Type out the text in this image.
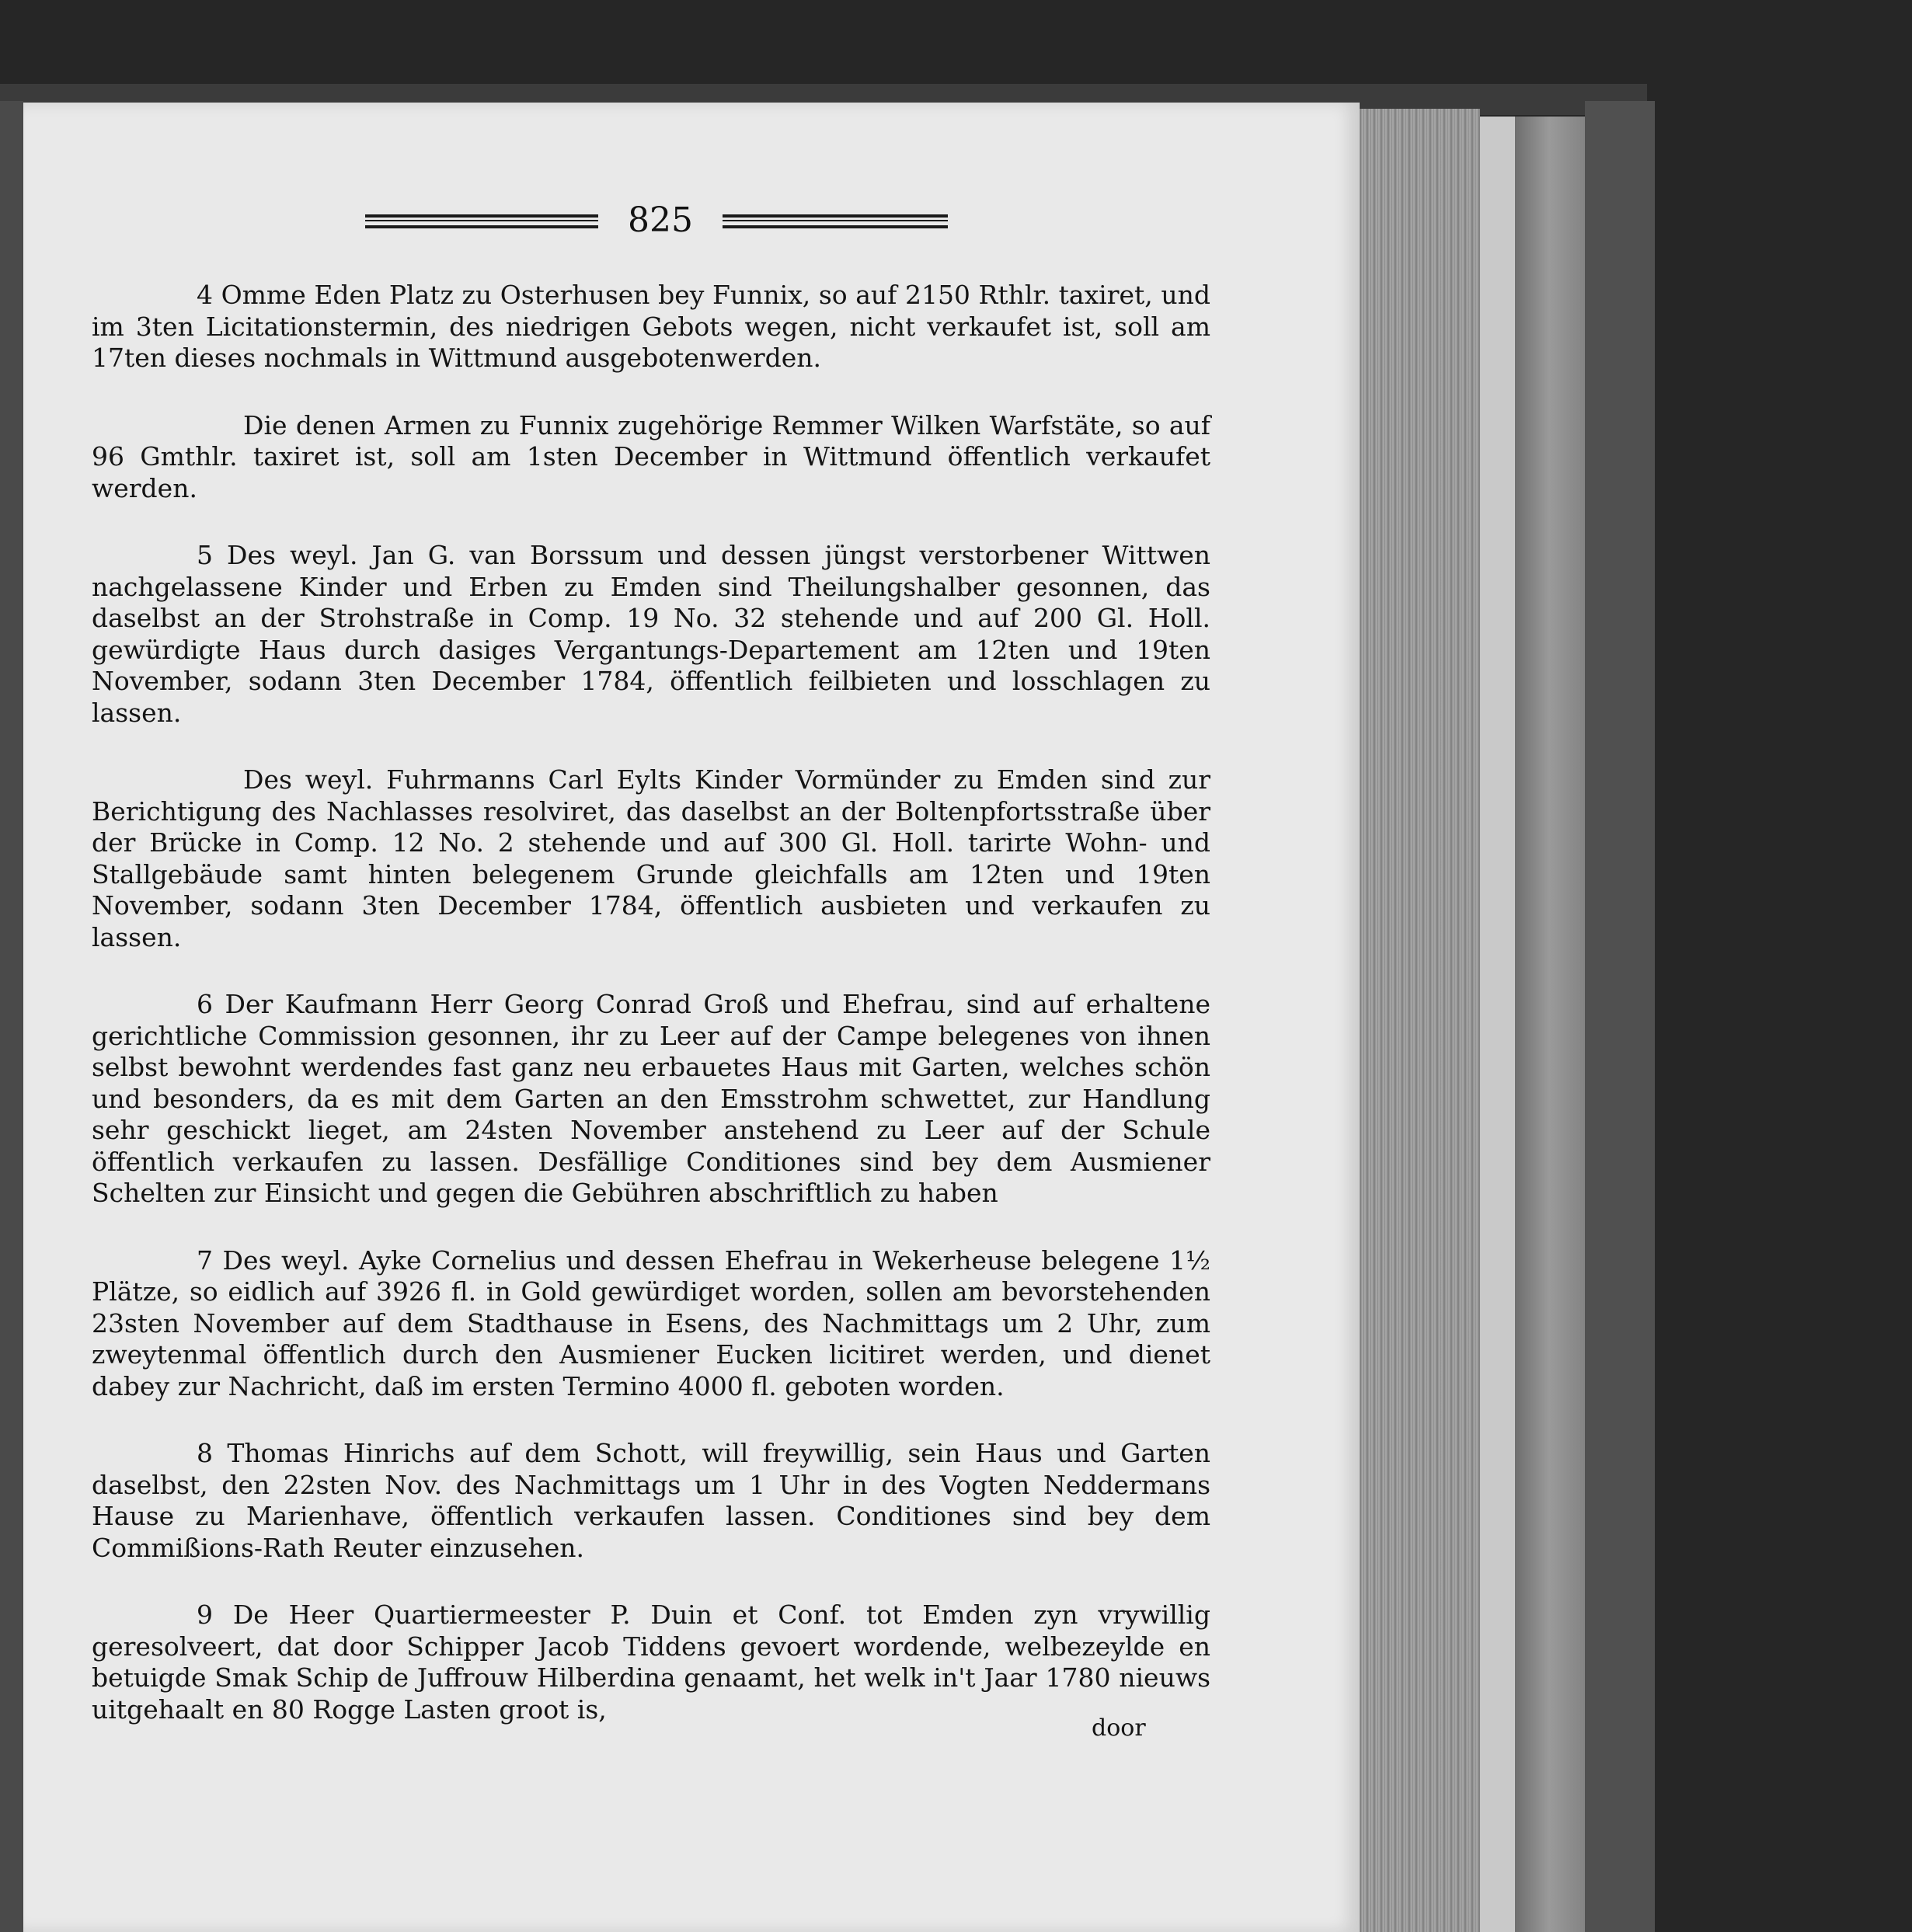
825

4 Omme Eden Platz zu Osterhusen bey Funnix, so auf 2150 Rthlr. taxiret, und im 3ten Licitationstermin, des niedrigen Gebots wegen, nicht verkaufet ist, soll am 17ten dieses nochmals in Wittmund ausgebotenwerden.

Die denen Armen zu Funnix zugehörige Remmer Wilken Warfstäte, so auf 96 Gmthlr. taxiret ist, soll am 1sten December in Wittmund öffentlich verkaufet werden.

5 Des weyl. Jan G. van Borssum und dessen jüngst verstorbener Wittwen nachgelassene Kinder und Erben zu Emden sind Theilungshalber gesonnen, das daselbst an der Strohstraße in Comp. 19 No. 32 stehende und auf 200 Gl. Holl. gewürdigte Haus durch dasiges Vergantungs-Departement am 12ten und 19ten November, sodann 3ten December 1784, öffentlich feilbieten und losschlagen zu lassen.

Des weyl. Fuhrmanns Carl Eylts Kinder Vormünder zu Emden sind zur Berichtigung des Nachlasses resolviret, das daselbst an der Boltenpfortsstraße über der Brücke in Comp. 12 No. 2 stehende und auf 300 Gl. Holl. tarirte Wohn- und Stallgebäude samt hinten belegenem Grunde gleichfalls am 12ten und 19ten November, sodann 3ten December 1784, öffentlich ausbieten und verkaufen zu lassen.

6 Der Kaufmann Herr Georg Conrad Groß und Ehefrau, sind auf erhaltene gerichtliche Commission gesonnen, ihr zu Leer auf der Campe belegenes von ihnen selbst bewohnt werdendes fast ganz neu erbauetes Haus mit Garten, welches schön und besonders, da es mit dem Garten an den Emsstrohm schwettet, zur Handlung sehr geschickt lieget, am 24sten November anstehend zu Leer auf der Schule öffentlich verkaufen zu lassen. Desfällige Conditiones sind bey dem Ausmiener Schelten zur Einsicht und gegen die Gebühren abschriftlich zu haben

7 Des weyl. Ayke Cornelius und dessen Ehefrau in Wekerheuse belegene 1½ Plätze, so eidlich auf 3926 fl. in Gold gewürdiget worden, sollen am bevorstehenden 23sten November auf dem Stadthause in Esens, des Nachmittags um 2 Uhr, zum zweytenmal öffentlich durch den Ausmiener Eucken licitiret werden, und dienet dabey zur Nachricht, daß im ersten Termino 4000 fl. geboten worden.

8 Thomas Hinrichs auf dem Schott, will freywillig, sein Haus und Garten daselbst, den 22sten Nov. des Nachmittags um 1 Uhr in des Vogten Neddermans Hause zu Marienhave, öffentlich verkaufen lassen. Conditiones sind bey dem Commißions-Rath Reuter einzusehen.

9 De Heer Quartiermeester P. Duin et Conf. tot Emden zyn vrywillig geresolveert, dat door Schipper Jacob Tiddens gevoert wordende, welbezeylde en betuigde Smak Schip de Juffrouw Hilberdina genaamt, het welk in't Jaar 1780 nieuws uitgehaalt en 80 Rogge Lasten groot is,

door
